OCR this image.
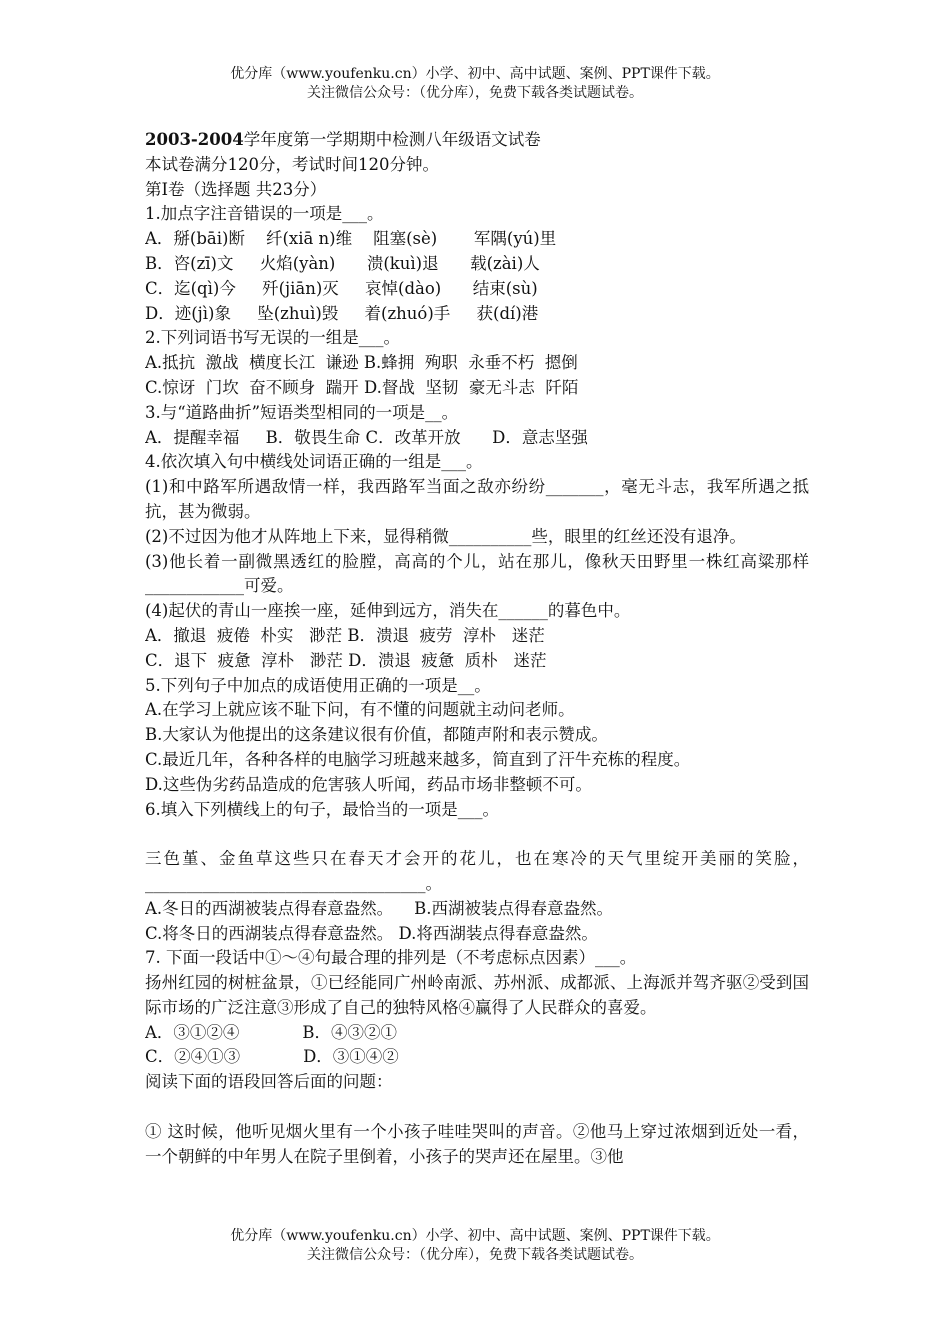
优分库（www.youfenku.cn）小学、初中、高中试题、案例、PPT课件下载。
关注微信公众号：（优分库），免费下载各类试题试卷。
2003-2004学年度第一学期期中检测八年级语文试卷
本试卷满分120分，考试时间120分钟。
第I卷（选择题 共23分）
1.加点字注音错误的一项是___。
A．掰(bāi)断    纤(xiā n)维    阻塞(sè)       军隅(yú)里
B．咨(zī)文     火焰(yàn)      溃(kuì)退      载(zài)人
C．迄(qì)今     歼(jiān)灭     哀悼(dào)      结束(sù)
D．迹(jì)象     坠(zhuì)毁     着(zhuó)手     获(dí)港
2.下列词语书写无误的一组是___。
A.抵抗  激战  横度长江  谦逊 B.蜂拥  殉职  永垂不朽  摁倒
C.惊讶  门坎  奋不顾身  踹开 D.督战  坚韧  豪无斗志  阡陌
3.与“道路曲折”短语类型相同的一项是__。
A．提醒幸福     B．敬畏生命 C．改革开放      D．意志坚强
4.依次填入句中横线处词语正确的一组是___。
(1)和中路军所遇敌情一样，我西路军当面之敌亦纷纷_______，毫无斗志，我军所遇之抵抗，甚为微弱。
(2)不过因为他才从阵地上下来，显得稍微__________些，眼里的红丝还没有退净。
(3)他长着一副微黑透红的脸膛，高高的个儿，站在那儿，像秋天田野里一株红高粱那样____________可爱。
(4)起伏的青山一座挨一座，延伸到远方，消失在______的暮色中。
A．撤退  疲倦  朴实   渺茫 B．溃退  疲劳  淳朴   迷茫
C．退下  疲惫  淳朴   渺茫 D．溃退  疲惫  质朴   迷茫
5.下列句子中加点的成语使用正确的一项是__。
A.在学习上就应该不耻下问，有不懂的问题就主动问老师。
B.大家认为他提出的这条建议很有价值，都随声附和表示赞成。
C.最近几年，各种各样的电脑学习班越来越多，简直到了汗牛充栋的程度。
D.这些伪劣药品造成的危害骇人听闻，药品市场非整顿不可。
6.填入下列横线上的句子，最恰当的一项是___。
三色堇、金鱼草这些只在春天才会开的花儿，也在寒冷的天气里绽开美丽的笑脸，__________________________________。
A.冬日的西湖被装点得春意盎然。    B.西湖被装点得春意盎然。
C.将冬日的西湖装点得春意盎然。 D.将西湖装点得春意盎然。
7. 下面一段话中①～④句最合理的排列是（不考虑标点因素）___。
扬州红园的树桩盆景，①已经能同广州岭南派、苏州派、成都派、上海派并驾齐驱②受到国际市场的广泛注意③形成了自己的独特风格④赢得了人民群众的喜爱。
A．③①②④            B．④③②①
C．②④①③            D．③①④②
阅读下面的语段回答后面的问题：
① 这时候，他听见烟火里有一个小孩子哇哇哭叫的声音。②他马上穿过浓烟到近处一看，一个朝鲜的中年男人在院子里倒着，小孩子的哭声还在屋里。③他
优分库（www.youfenku.cn）小学、初中、高中试题、案例、PPT课件下载。
关注微信公众号：（优分库），免费下载各类试题试卷。
